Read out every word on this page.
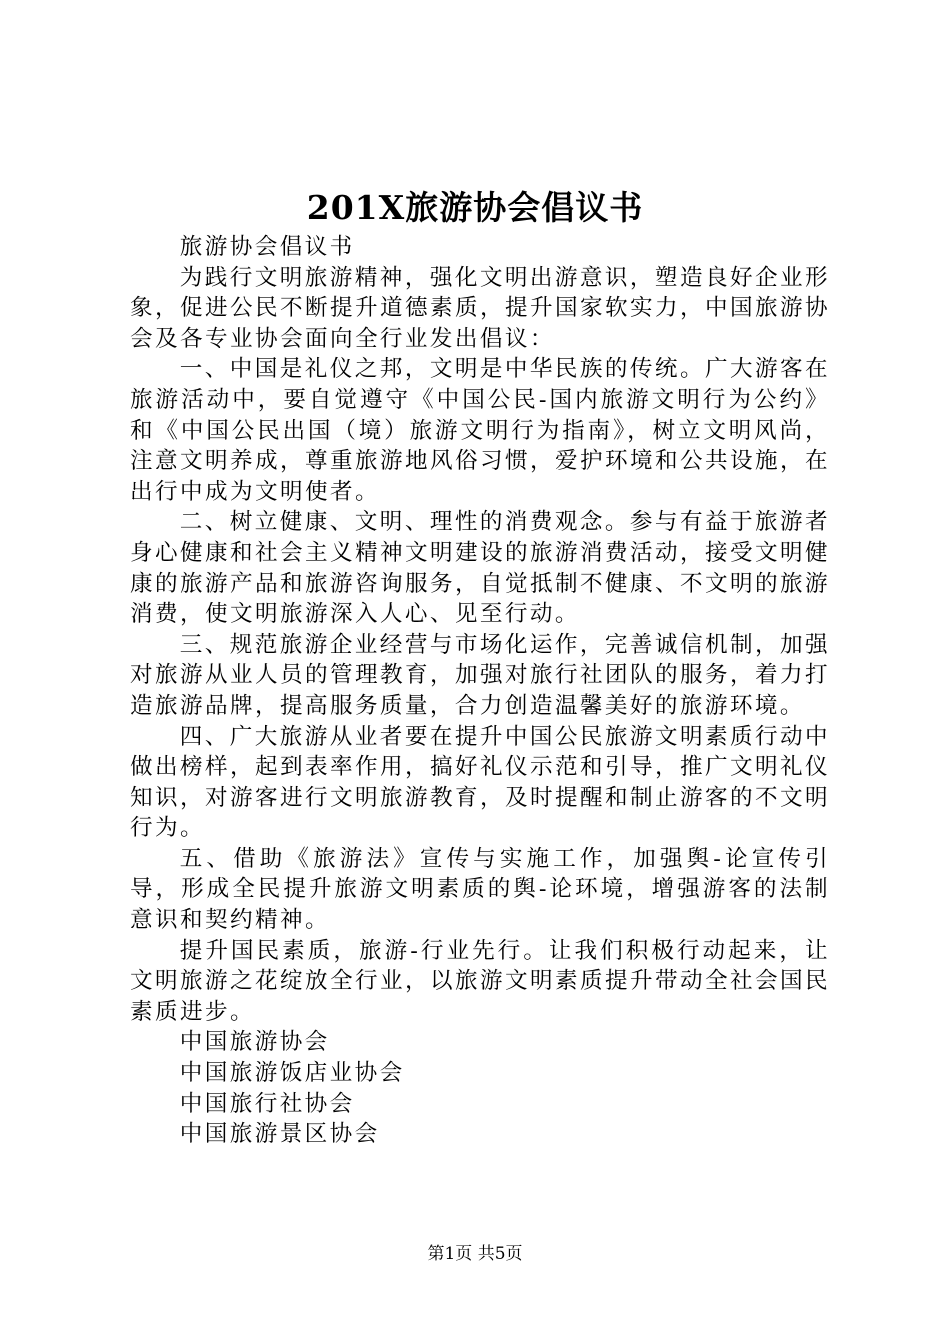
201X旅游协会倡议书

旅游协会倡议书

为践行文明旅游精神，强化文明出游意识，塑造良好企业形象，促进公民不断提升道德素质，提升国家软实力，中国旅游协会及各专业协会面向全行业发出倡议：

一、中国是礼仪之邦，文明是中华民族的传统。广大游客在旅游活动中，要自觉遵守《中国公民-国内旅游文明行为公约》和《中国公民出国（境）旅游文明行为指南》，树立文明风尚，注意文明养成，尊重旅游地风俗习惯，爱护环境和公共设施，在出行中成为文明使者。

二、树立健康、文明、理性的消费观念。参与有益于旅游者身心健康和社会主义精神文明建设的旅游消费活动，接受文明健康的旅游产品和旅游咨询服务，自觉抵制不健康、不文明的旅游消费，使文明旅游深入人心、见至行动。

三、规范旅游企业经营与市场化运作，完善诚信机制，加强对旅游从业人员的管理教育，加强对旅行社团队的服务，着力打造旅游品牌，提高服务质量，合力创造温馨美好的旅游环境。

四、广大旅游从业者要在提升中国公民旅游文明素质行动中做出榜样，起到表率作用，搞好礼仪示范和引导，推广文明礼仪知识，对游客进行文明旅游教育，及时提醒和制止游客的不文明行为。

五、借助《旅游法》宣传与实施工作，加强舆-论宣传引导，形成全民提升旅游文明素质的舆-论环境，增强游客的法制意识和契约精神。

提升国民素质，旅游-行业先行。让我们积极行动起来，让文明旅游之花绽放全行业，以旅游文明素质提升带动全社会国民素质进步。

中国旅游协会

中国旅游饭店业协会

中国旅行社协会

中国旅游景区协会

第1页 共5页
